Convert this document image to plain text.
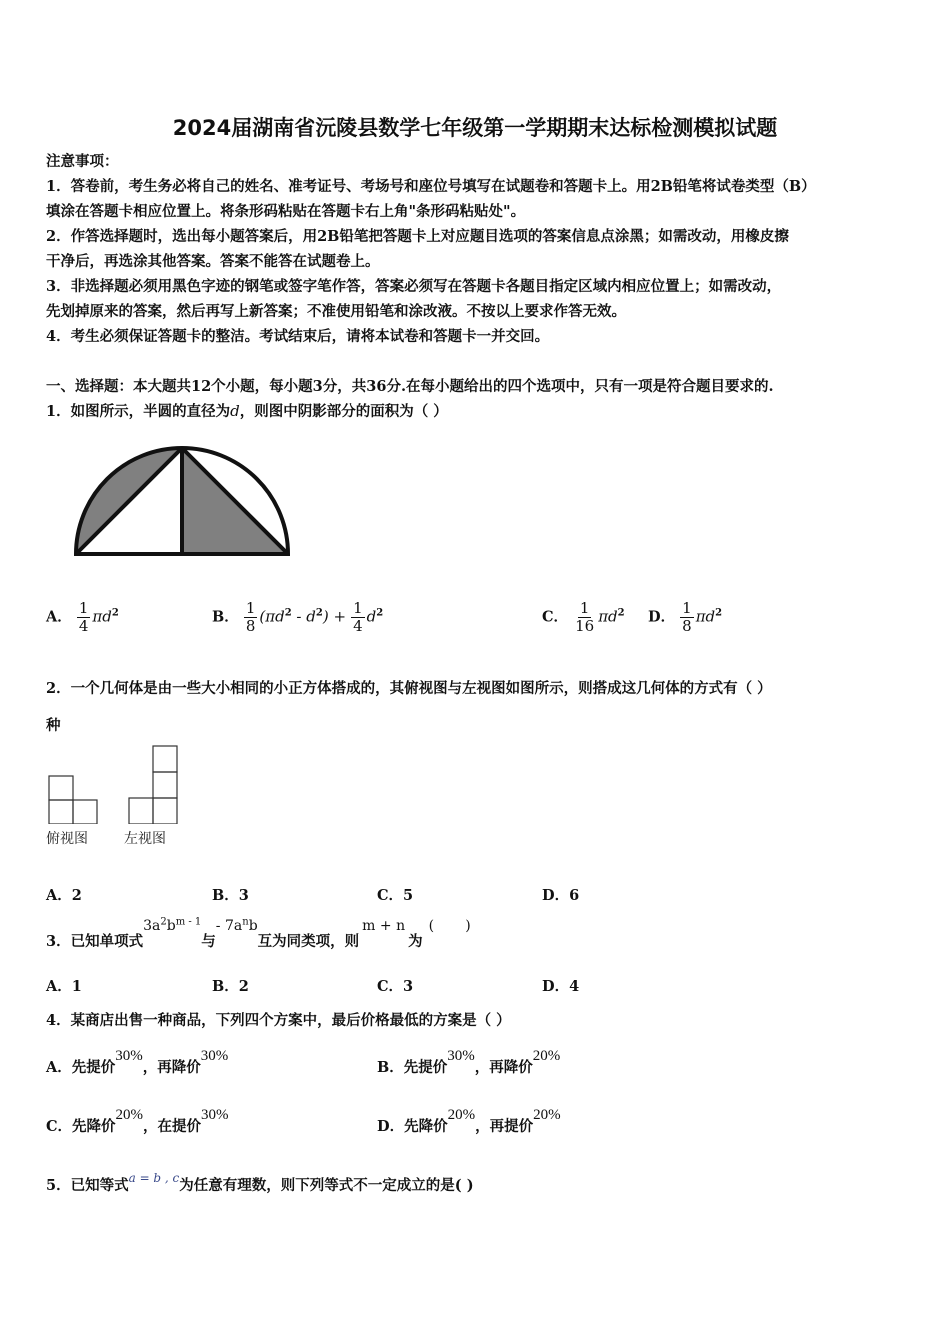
2024届湖南省沅陵县数学七年级第一学期期末达标检测模拟试题
注意事项：
1．答卷前，考生务必将自己的姓名、准考证号、考场号和座位号填写在试题卷和答题卡上。用2B铅笔将试卷类型（B）
填涂在答题卡相应位置上。将条形码粘贴在答题卡右上角"条形码粘贴处"。
2．作答选择题时，选出每小题答案后，用2B铅笔把答题卡上对应题目选项的答案信息点涂黑；如需改动，用橡皮擦
干净后，再选涂其他答案。答案不能答在试题卷上。
3．非选择题必须用黑色字迹的钢笔或签字笔作答，答案必须写在答题卡各题目指定区域内相应位置上；如需改动，
先划掉原来的答案，然后再写上新答案；不准使用铅笔和涂改液。不按以上要求作答无效。
4．考生必须保证答题卡的整洁。考试结束后，请将本试卷和答题卡一并交回。
一、选择题：本大题共12个小题，每小题3分，共36分.在每小题给出的四个选项中，只有一项是符合题目要求的.
1．如图所示，半圆的直径为d，则图中阴影部分的面积为（ ）
A． $\frac{1}{4} \pi d^2$	B． $\frac{1}{8} (\pi d^2 - d^2) + \frac{1}{4} d^2$	C． $\frac{1}{16} \pi d^2$ D． $\frac{1}{8} \pi d^2$
2．一个几何体是由一些大小相同的小正方体搭成的，其俯视图与左视图如图所示，则搭成这几何体的方式有（ ）
种
俯视图	左视图
A．2	B．3	C．5	D．6
3．已知单项式$3a^2b^{m - 1}$与- $7a^nb$互为同类项，则m + n为(       )
A．1	B．2	C．3	D．4
4．某商店出售一种商品，下列四个方案中，最后价格最低的方案是（ ）
A．先提价30%，再降价30%
B．先提价30%，再降价20%
C．先降价20%，在提价30%
D．先降价20%，再提价20%
5．已知等式$^{a = b , c}$为任意有理数，则下列等式不一定成立的是( )
